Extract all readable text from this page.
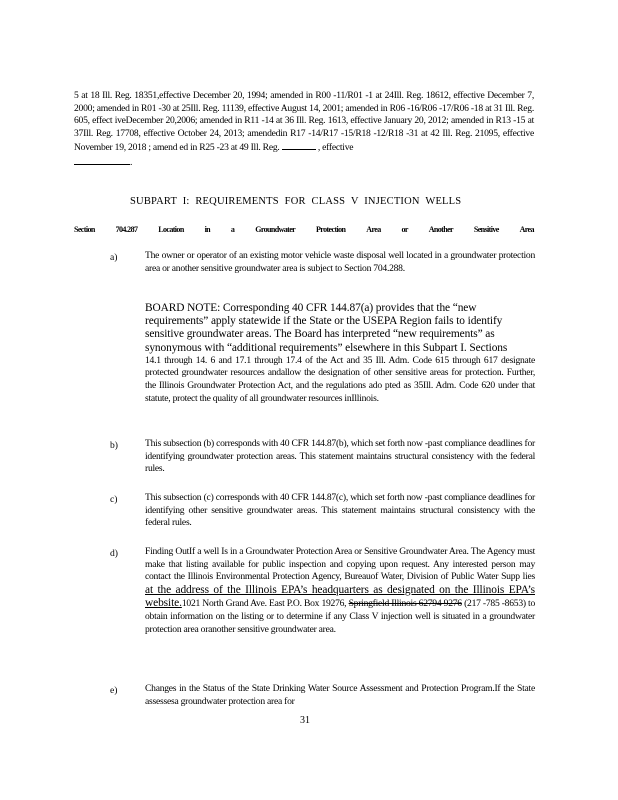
5 at 18 Ill. Reg. 18351,effective December 20, 1994; amended in R00 -11/R01 -1 at 24Ill. Reg. 18612, effective December 7, 2000; amended in R01 -30 at 25Ill. Reg. 11139, effective August 14, 2001; amended in R06 -16/R06 -17/R06 -18 at 31 Ill. Reg. 605, effect iveDecember 20,2006; amended in R11 -14 at 36 Ill. Reg. 1613, effective January 20, 2012; amended in R13 -15 at 37Ill. Reg. 17708, effective October 24, 2013; amendedin R17 -14/R17 -15/R18 -12/R18 -31 at 42 Ill. Reg. 21095, effective November 19, 2018 ; amend ed in R25 -23 at 49 Ill. Reg.	, effective
.
SUBPART I: REQUIREMENTS FOR CLASS V INJECTION WELLS
Section	704.287	Location	in	a	Groundwater	Protection	Area	or	Another	Sensitive	Area
a)	The owner or operator of an existing motor vehicle waste disposal well located in a groundwater protection area or another sensitive groundwater area is subject to Section 704.288.

BOARD NOTE: Corresponding 40 CFR 144.87(a) provides that the “new requirements” apply statewide if the State or the USEPA Region fails to identify sensitive groundwater areas. The Board has interpreted “new requirements” as synonymous with “additional requirements” elsewhere in this Subpart I. Sections
14.1 through 14. 6 and 17.1 through 17.4 of the Act and 35 Ill. Adm. Code 615 through 617 designate protected groundwater resources andallow the designation of other sensitive areas for protection. Further, the Illinois Groundwater Protection Act, and the regulations ado pted as 35Ill. Adm. Code 620 under that statute, protect the quality of all groundwater resources inIllinois.
b)	This subsection (b) corresponds with 40 CFR 144.87(b), which set forth now -past compliance deadlines for identifying groundwater protection areas. This statement maintains structural consistency with the federal rules.

c)	This subsection (c) corresponds with 40 CFR 144.87(c), which set forth now -past compliance deadlines for identifying other sensitive groundwater areas. This statement maintains structural consistency with the federal rules.

d)	Finding OutIf a well Is in a Groundwater Protection Area or Sensitive Groundwater Area. The Agency must make that listing available for public inspection and copying upon request. Any interested person may contact the Illinois Environmental Protection Agency, Bureauof Water, Division of Public Water Supp lies at the address of the Illinois EPA’s headquarters as designated on the Illinois EPA’s website.1021 North Grand Ave. East P.O. Box 19276, Springfield Illinois 62794 9276 (217 -785 -8653) to obtain information on the listing or to determine if any Class V injection well is situated in a groundwater protection area oranother sensitive groundwater area.

e)	Changes in the Status of the State Drinking Water Source Assessment and Protection Program.If the State assessesa groundwater protection area for

31
